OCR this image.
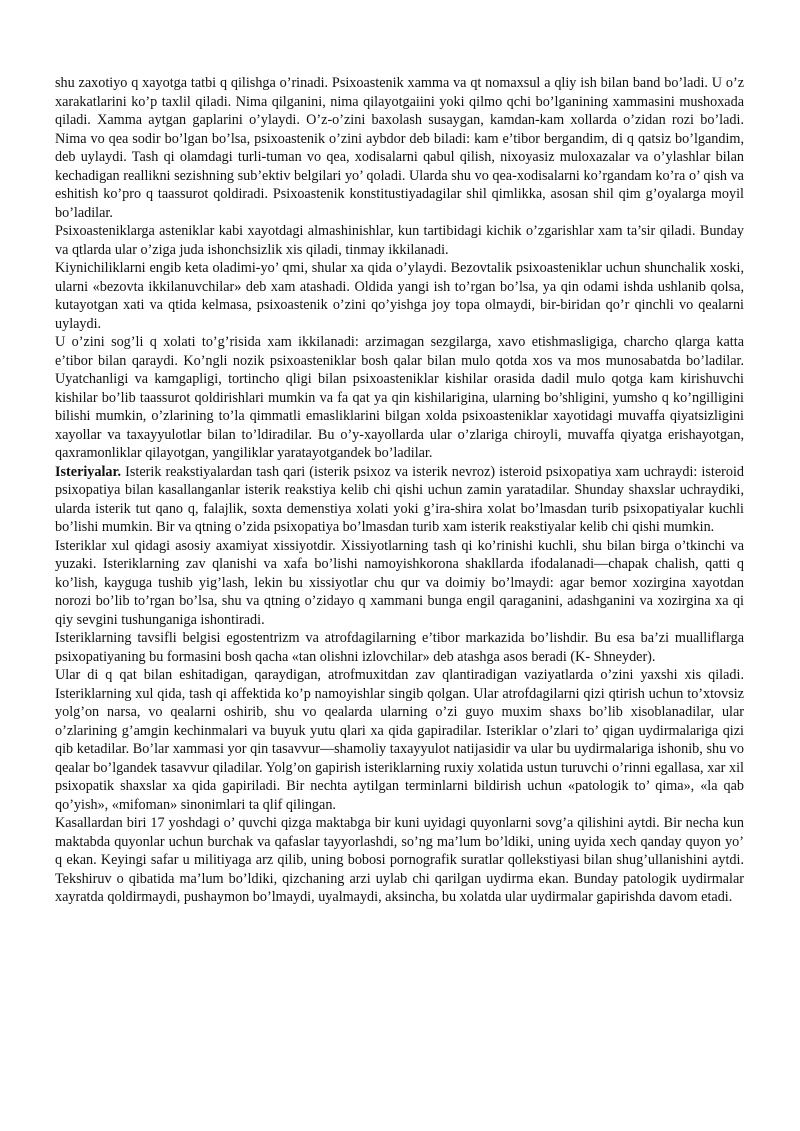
shu zaxotiyo q xayotga tatbi q qilishga o’rinadi. Psixoastenik xamma va qt nomaxsul a qliy ish bilan band bo’ladi. U o’z xarakatlarini ko’p taxlil qiladi. Nima qilganini, nima qilayotgaiini yoki qilmo qchi bo’lganining xammasini mushoxada qiladi. Xamma aytgan gaplarini o’ylaydi. O’z-o’zini baxolash susaygan, kamdan-kam xollarda o’zidan rozi bo’ladi. Nima vo qea sodir bo’lgan bo’lsa, psixoastenik o’zini aybdor deb biladi: kam e’tibor bergandim, di q qatsiz bo’lgandim, deb uylaydi. Tash qi olamdagi turli-tuman vo qea, xodisalarni qabul qilish, nixoyasiz muloxazalar va o’ylashlar bilan kechadigan reallikni sezishning sub’ektiv belgilari yo’ qoladi. Ularda shu vo qea-xodisalarni ko’rgandam ko’ra o’ qish va eshitish ko’pro q taassurot qoldiradi. Psixoastenik konstitustiyadagilar shil qimlikka, asosan shil qim g’oyalarga moyil bo’ladilar.

Psixoasteniklarga asteniklar kabi xayotdagi almashinishlar, kun tartibidagi kichik o’zgarishlar xam ta’sir qiladi. Bunday va qtlarda ular o’ziga juda ishonchsizlik xis qiladi, tinmay ikkilanadi.

Kiynichiliklarni engib keta oladimi-yo’ qmi, shular xa qida o’ylaydi. Bezovtalik psixoasteniklar uchun shunchalik xoski, ularni «bezovta ikkilanuvchilar» deb xam atashadi. Oldida yangi ish to’rgan bo’lsa, ya qin odami ishda ushlanib qolsa, kutayotgan xati va qtida kelmasa, psixoastenik o’zini qo’yishga joy topa olmaydi, bir-biridan qo’r qinchli vo qealarni uylaydi.

U o’zini sog’li q xolati to’g’risida xam ikkilanadi: arzimagan sezgilarga, xavo etishmasligiga, charcho qlarga katta e’tibor bilan qaraydi. Ko’ngli nozik psixoasteniklar bosh qalar bilan mulo qotda xos va mos munosabatda bo’ladilar. Uyatchanligi va kamgapligi, tortincho qligi bilan psixoasteniklar kishilar orasida dadil mulo qotga kam kirishuvchi kishilar bo’lib taassurot qoldirishlari mumkin va fa qat ya qin kishilarigina, ularning bo’shligini, yumsho q ko’ngilligini bilishi mumkin, o’zlarining to’la qimmatli emasliklarini bilgan xolda psixoasteniklar xayotidagi muvaffa qiyatsizligini xayollar va taxayyulotlar bilan to’ldiradilar. Bu o’y-xayollarda ular o’zlariga chiroyli, muvaffa qiyatga erishayotgan, qaxramonliklar qilayotgan, yangiliklar yaratayotgandek bo’ladilar.

Isteriyalar. Isterik reakstiyalardan tash qari (isterik psixoz va isterik nevroz) isteroid psixopatiya xam uchraydi: isteroid psixopatiya bilan kasallanganlar isterik reakstiya kelib chi qishi uchun zamin yaratadilar. Shunday shaxslar uchraydiki, ularda isterik tut qano q, falajlik, soxta demenstiya xolati yoki g’ira-shira xolat bo’lmasdan turib psixopatiyalar kuchli bo’lishi mumkin. Bir va qtning o’zida psixopatiya bo’lmasdan turib xam isterik reakstiyalar kelib chi qishi mumkin.

Isteriklar xul qidagi asosiy axamiyat xissiyotdir. Xissiyotlarning tash qi ko’rinishi kuchli, shu bilan birga o’tkinchi va yuzaki. Isteriklarning zav qlanishi va xafa bo’lishi namoyishkorona shakllarda ifodalanadi—chapak chalish, qatti q ko’lish, kayguga tushib yig’lash, lekin bu xissiyotlar chu qur va doimiy bo’lmaydi: agar bemor xozirgina xayotdan norozi bo’lib to’rgan bo’lsa, shu va qtning o’zidayo q xammani bunga engil qaraganini, adashganini va xozirgina xa qi qiy sevgini tushunganiga ishontiradi.

Isteriklarning tavsifli belgisi egostentrizm va atrofdagilarning e’tibor markazida bo’lishdir. Bu esa ba’zi mualliflarga psixopatiyaning bu formasini bosh qacha «tan olishni izlovchilar» deb atashga asos beradi (K- Shneyder).

Ular di q qat bilan eshitadigan, qaraydigan, atrofmuxitdan zav qlantiradigan vaziyatlarda o’zini yaxshi xis qiladi. Isteriklarning xul qida, tash qi affektida ko’p namoyishlar singib qolgan. Ular atrofdagilarni qizi qtirish uchun to’xtovsiz yolg’on narsa, vo qealarni oshirib, shu vo qealarda ularning o’zi guyo muxim shaxs bo’lib xisoblanadilar, ular o’zlarining g’amgin kechinmalari va buyuk yutu qlari xa qida gapiradilar. Isteriklar o’zlari to’ qigan uydirmalariga qizi qib ketadilar. Bo’lar xammasi yor qin tasavvur—shamoliy taxayyulot natijasidir va ular bu uydirmalariga ishonib, shu vo qealar bo’lgandek tasavvur qiladilar. Yolg’on gapirish isteriklarning ruxiy xolatida ustun turuvchi o’rinni egallasa, xar xil psixopatik shaxslar xa qida gapiriladi. Bir nechta aytilgan terminlarni bildirish uchun «patologik to’ qima», «la qab qo’yish», «mifoman» sinonimlari ta qlif qilingan.

Kasallardan biri 17 yoshdagi o’ quvchi qizga maktabga bir kuni uyidagi quyonlarni sovg’a qilishini aytdi. Bir necha kun maktabda quyonlar uchun burchak va qafaslar tayyorlashdi, so’ng ma’lum bo’ldiki, uning uyida xech qanday quyon yo’ q ekan. Keyingi safar u militiyaga arz qilib, uning bobosi pornografik suratlar qollekstiyasi bilan shug’ullanishini aytdi. Tekshiruv o qibatida ma’lum bo’ldiki, qizchaning arzi uylab chi qarilgan uydirma ekan. Bunday patologik uydirmalar xayratda qoldirmaydi, pushaymon bo’lmaydi, uyalmaydi, aksincha, bu xolatda ular uydirmalar gapirishda davom etadi.
